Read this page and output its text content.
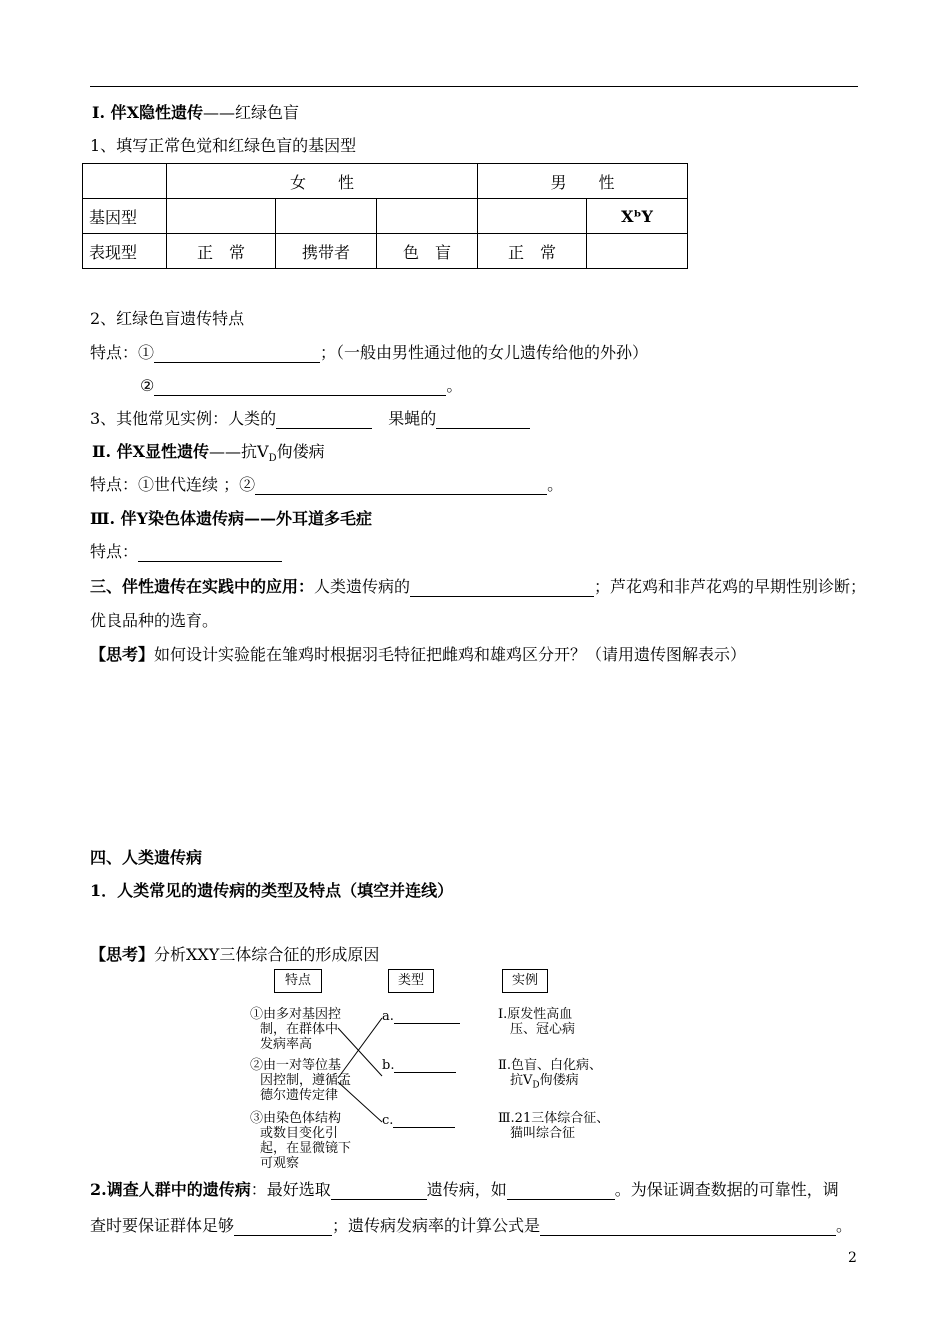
Ⅰ. 伴X隐性遗传——红绿色盲
1、填写正常色觉和红绿色盲的基因型
	女　　性			男　　性	
基因型					XᵇY
表现型	正　常	携带者	色　盲	正　常	
2、红绿色盲遗传特点
特点：①	；（一般由男性通过他的女儿遗传给他的外孙）
②	。
3、其他常见实例：人类的　	果蝇的
Ⅱ. 伴X显性遗传——抗$V_D$佝偻病
特点：①世代连续 ；②	。
Ⅲ. 伴Y染色体遗传病——外耳道多毛症
特点：
三、伴性遗传在实践中的应用：人类遗传病的	；芦花鸡和非芦花鸡的早期性别诊断；
优良品种的选育。
【思考】如何设计实验能在雏鸡时根据羽毛特征把雌鸡和雄鸡区分开？（请用遗传图解表示）
四、人类遗传病
1．人类常见的遗传病的类型及特点（填空并连线）
【思考】分析XXY三体综合征的形成原因
特点	类型	实例
①由多对基因控
制，在群体中
发病率高
②由一对等位基
因控制，遵循孟
德尔遗传定律
③由染色体结构
或数目变化引
起，在显微镜下
可观察
a.
b.
c.
Ⅰ.原发性高血
压、冠心病
Ⅱ.色盲、白化病、
抗$V_D$佝偻病
Ⅲ.21三体综合征、
猫叫综合征
2.调查人群中的遗传病：最好选取	遗传病，如	。为保证调查数据的可靠性，调
查时要保证群体足够	；遗传病发病率的计算公式是	。
2
